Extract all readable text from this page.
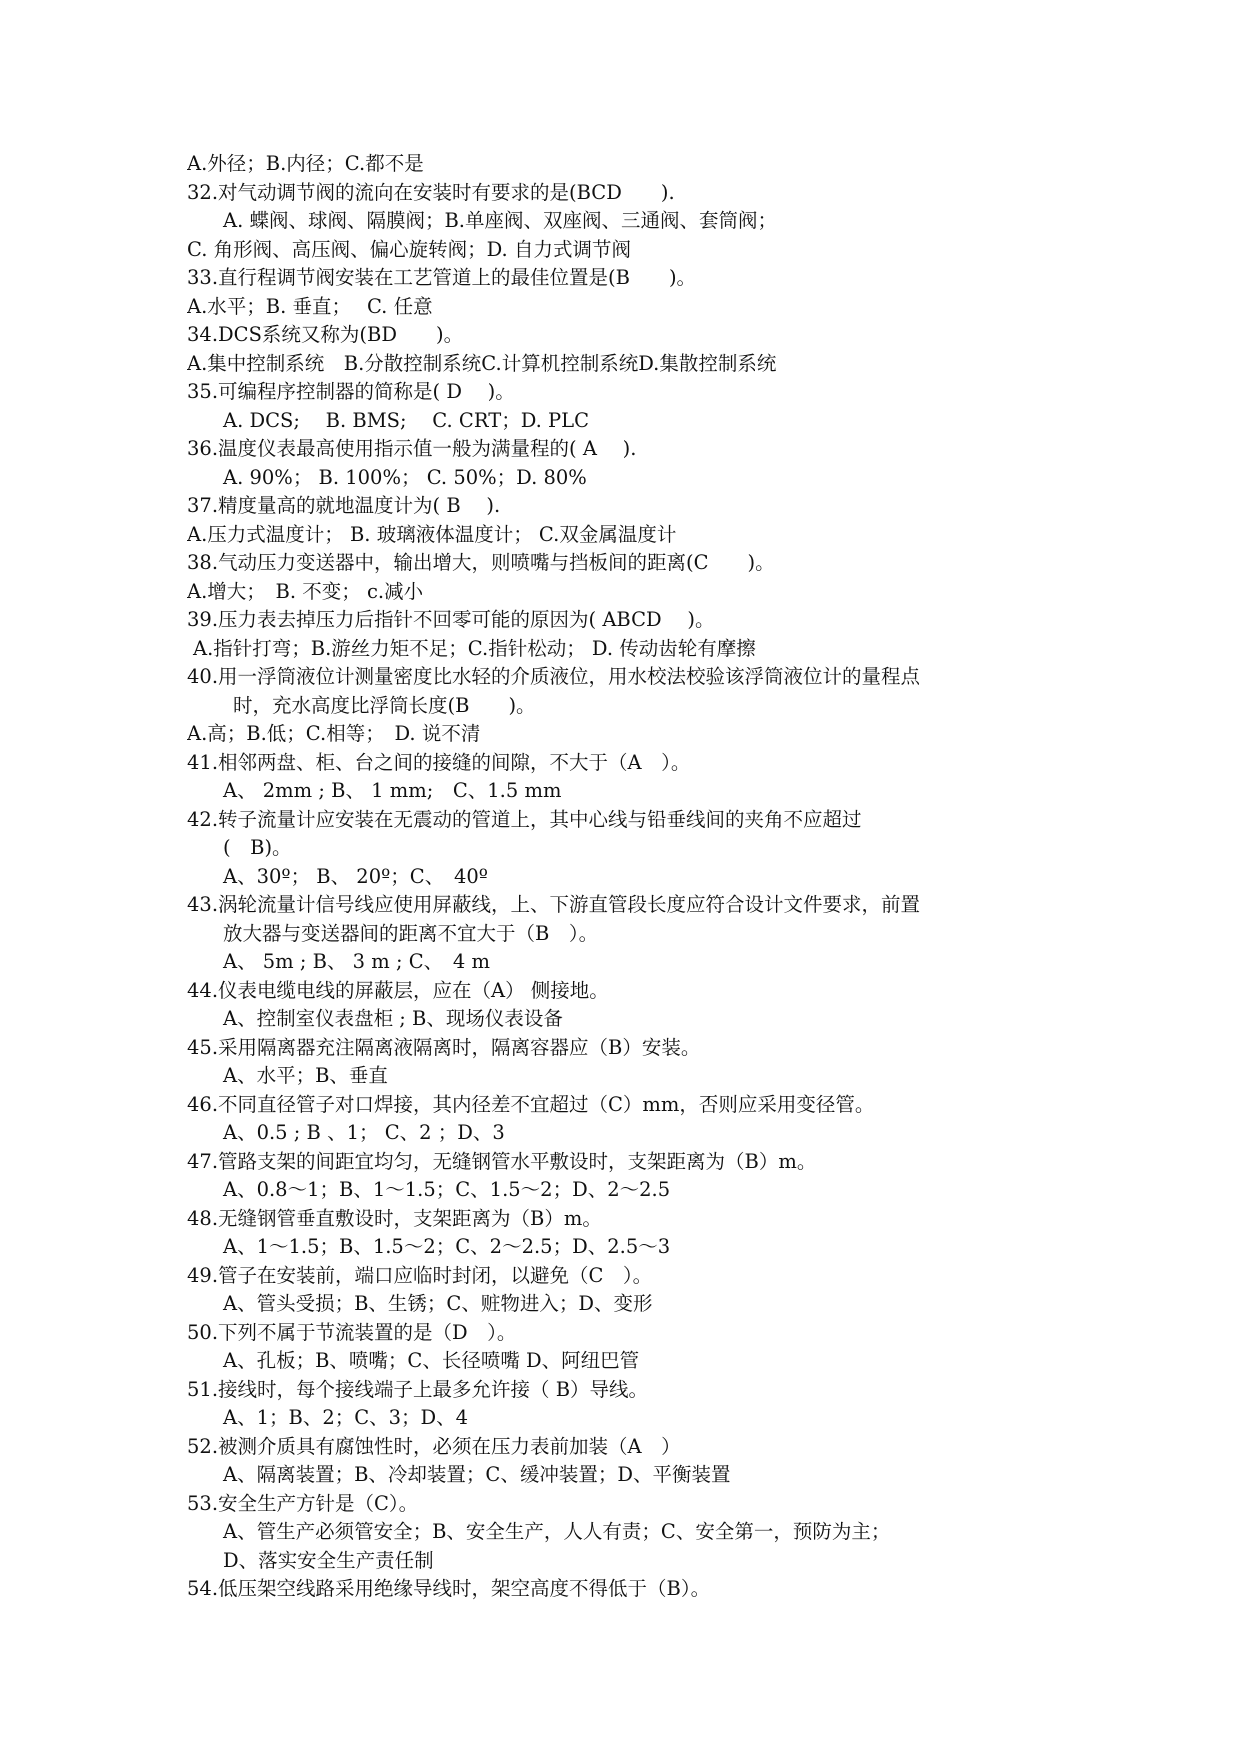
A.外径；B.内径；C.都不是
32.对气动调节阀的流向在安装时有要求的是(BCD　　).
A. 蝶阀、球阀、隔膜阀；B.单座阀、双座阀、三通阀、套筒阀；
C. 角形阀、高压阀、偏心旋转阀；D. 自力式调节阀
33.直行程调节阀安装在工艺管道上的最佳位置是(B　　)。
A.水平；B. 垂直；　 C. 任意
34.DCS系统又称为(BD　　)。
A.集中控制系统　B.分散控制系统C.计算机控制系统D.集散控制系统
35.可编程序控制器的简称是( D　 )。
A. DCS;　 B. BMS;　 C. CRT；D. PLC
36.温度仪表最高使用指示值一般为满量程的( A　 ).
A. 90%； B. 100%； C. 50%；D. 80%
37.精度量高的就地温度计为( B　 ).
A.压力式温度计； B. 玻璃液体温度计； C.双金属温度计
38.气动压力变送器中，输出增大，则喷嘴与挡板间的距离(C　　)。
A.增大；　B. 不变； c.减小
39.压力表去掉压力后指针不回零可能的原因为( ABCD　 )。
A.指针打弯；B.游丝力矩不足；C.指针松动； D. 传动齿轮有摩擦
40.用一浮筒液位计测量密度比水轻的介质液位，用水校法校验该浮筒液位计的量程点
时，充水高度比浮筒长度(B　　)。
A.高；B.低；C.相等；　D. 说不清
41.相邻两盘、柜、台之间的接缝的间隙，不大于（A　）。
A、 2mm ; B、 1 mm;　C、1.5 mm
42.转子流量计应安装在无震动的管道上，其中心线与铅垂线间的夹角不应超过
(　B)。
A、30º； B、 20º；C、　40º
43.涡轮流量计信号线应使用屏蔽线，上、下游直管段长度应符合设计文件要求，前置
放大器与变送器间的距离不宜大于（B　）。
A、 5m ; B、 3 m ; C、　4 m
44.仪表电缆电线的屏蔽层，应在（A） 侧接地。
A、控制室仪表盘柜 ; B、现场仪表设备
45.采用隔离器充注隔离液隔离时，隔离容器应（B）安装。
A、水平；B、垂直
46.不同直径管子对口焊接，其内径差不宜超过（C）mm，否则应采用变径管。
A、0.5 ; B 、1； C、2 ；D、3
47.管路支架的间距宜均匀，无缝钢管水平敷设时，支架距离为（B）m。
A、0.8～1；B、1～1.5；C、1.5～2；D、2～2.5
48.无缝钢管垂直敷设时，支架距离为（B）m。
A、1～1.5；B、1.5～2；C、2～2.5；D、2.5～3
49.管子在安装前，端口应临时封闭，以避免（C　）。
A、管头受损；B、生锈；C、赃物进入；D、变形
50.下列不属于节流装置的是（D　）。
A、孔板；B、喷嘴；C、长径喷嘴 D、阿纽巴管
51.接线时，每个接线端子上最多允许接（ B）导线。
A、1；B、2；C、3；D、4
52.被测介质具有腐蚀性时，必须在压力表前加装（A　）
A、隔离装置；B、冷却装置；C、缓冲装置；D、平衡装置
53.安全生产方针是（C）。
A、管生产必须管安全；B、安全生产，人人有责；C、安全第一，预防为主；
D、落实安全生产责任制
54.低压架空线路采用绝缘导线时，架空高度不得低于（B）。
